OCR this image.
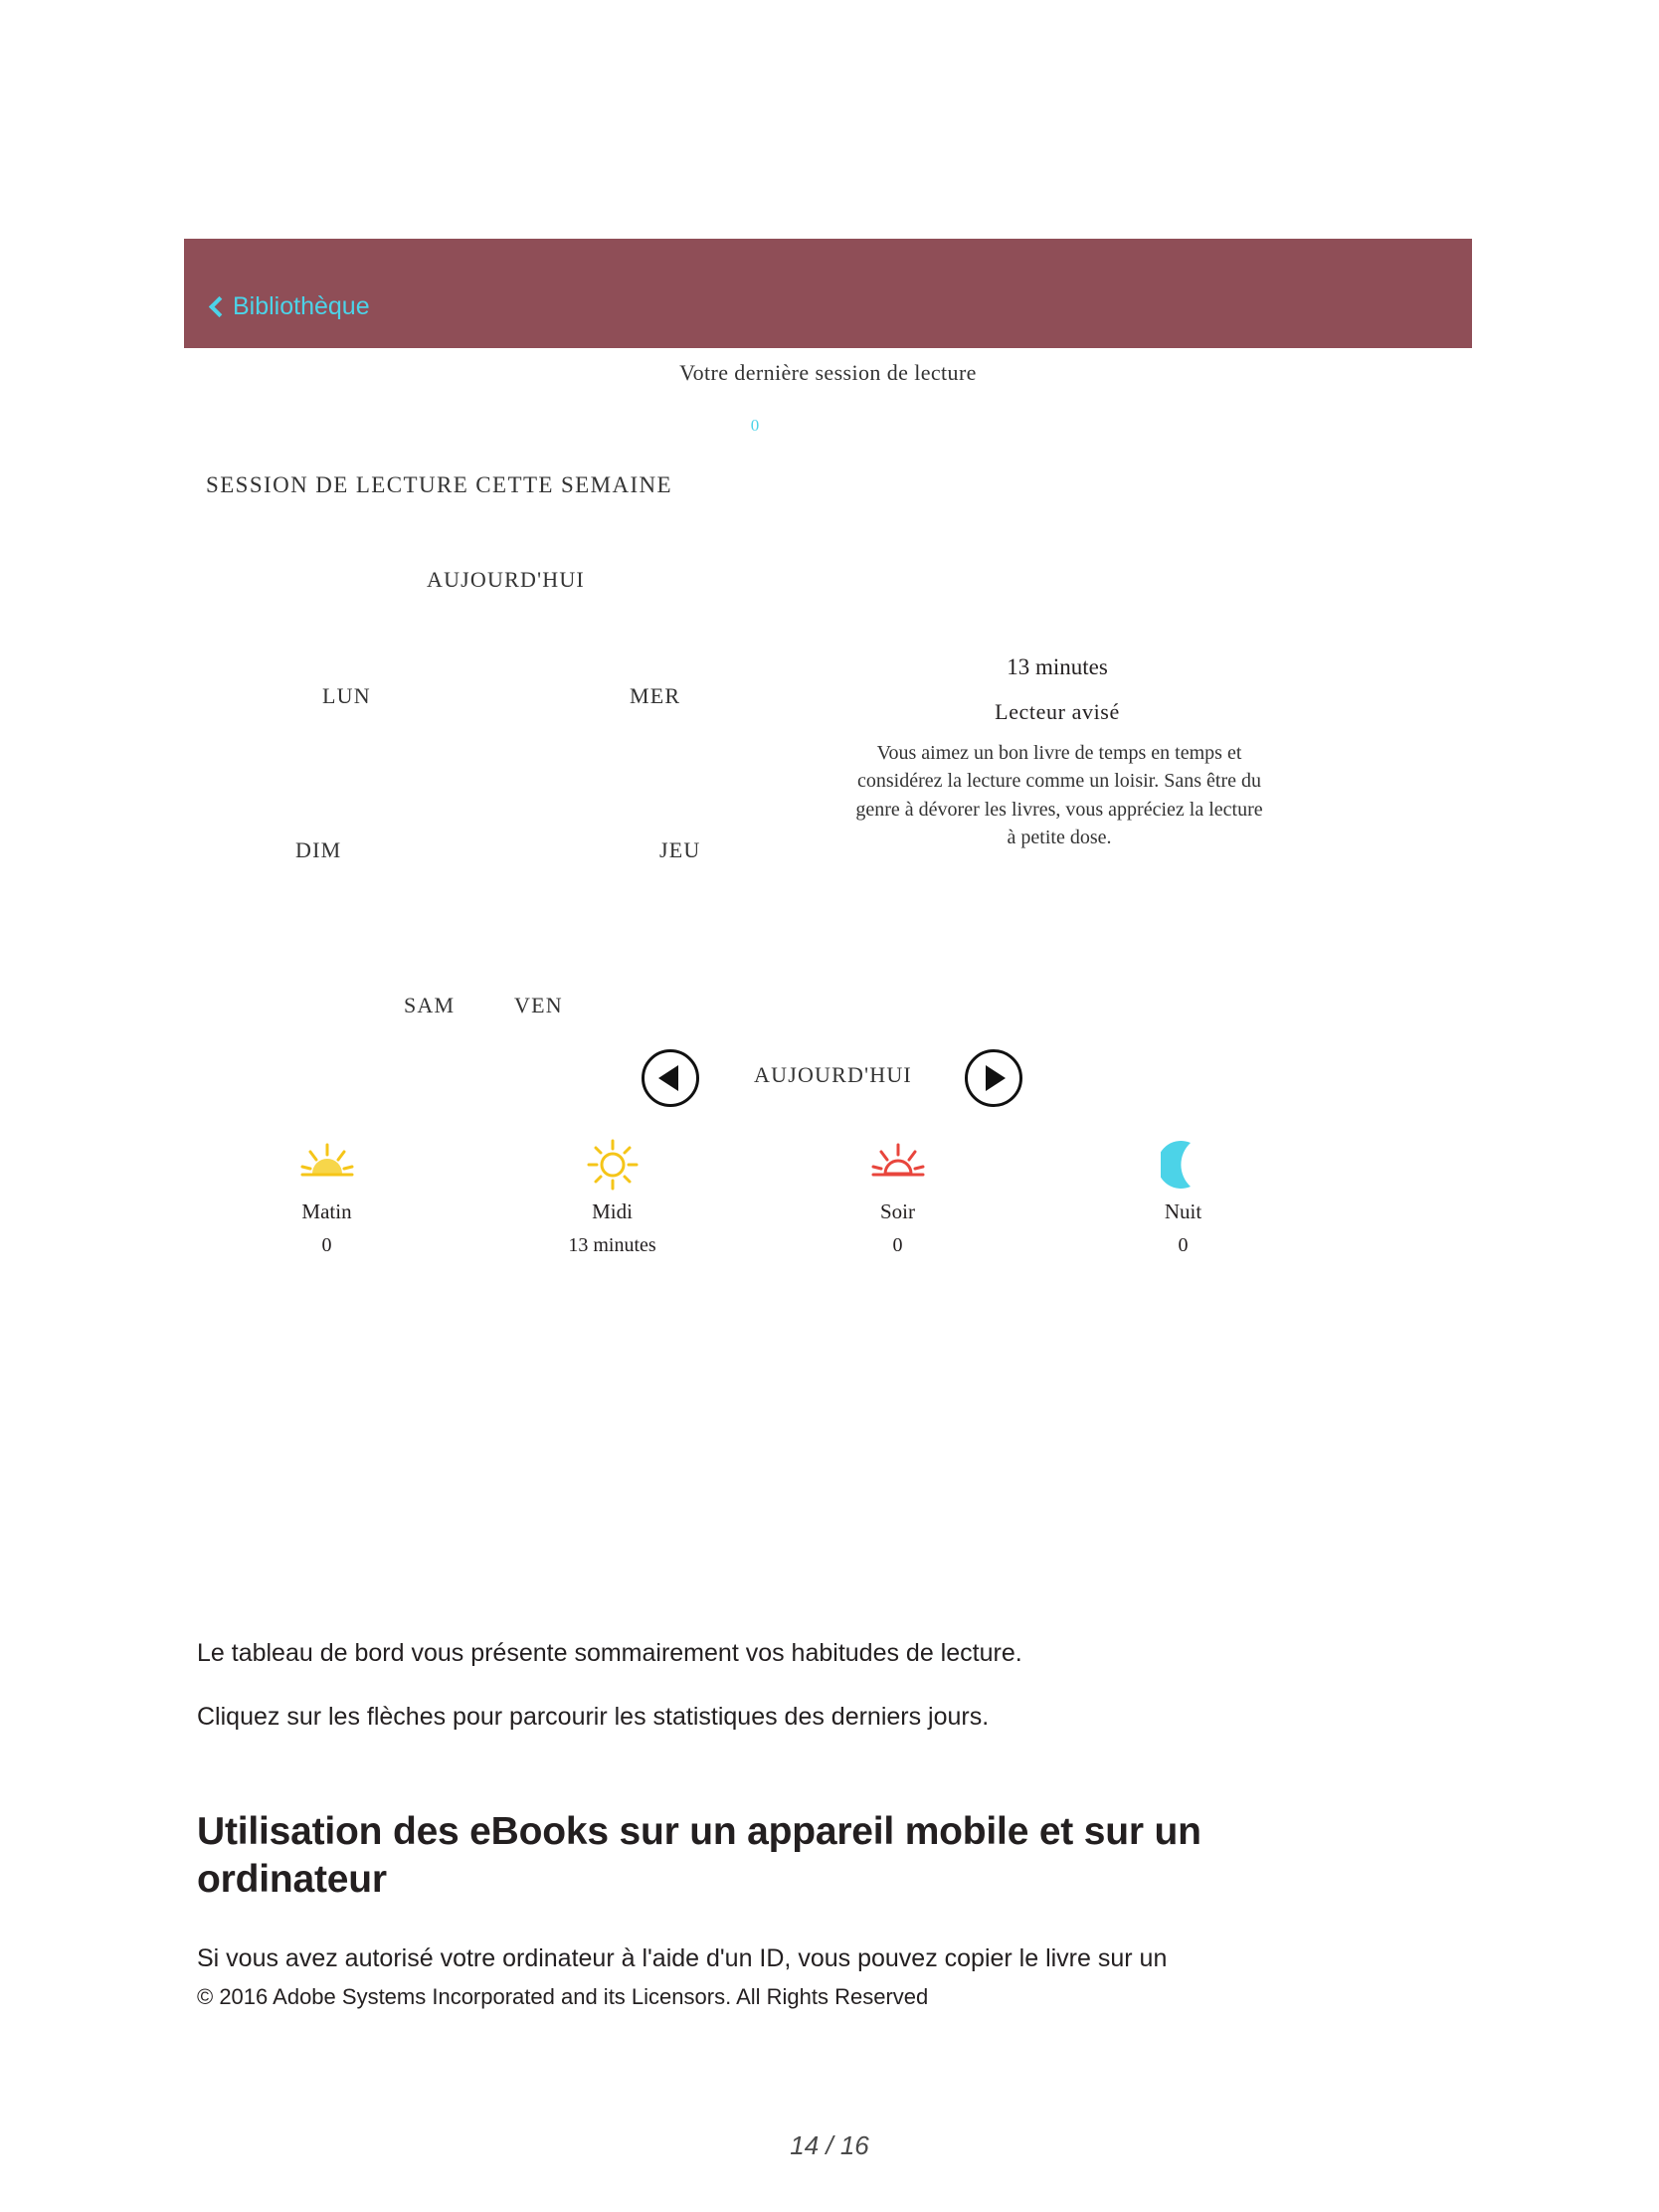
Bibliothèque
Votre dernière session de lecture
0
SESSION DE LECTURE CETTE SEMAINE
AUJOURD'HUI
LUN	MER
DIM	JEU
SAM	VEN
13 minutes
Lecteur avisé
Vous aimez un bon livre de temps en temps et considérez la lecture comme un loisir. Sans être du genre à dévorer les livres, vous appréciez la lecture à petite dose.
AUJOURD'HUI
Matin
0
Midi
13 minutes
Soir
0
Nuit
0
Le tableau de bord vous présente sommairement vos habitudes de lecture.
Cliquez sur les flèches pour parcourir les statistiques des derniers jours.
Utilisation des eBooks sur un appareil mobile et sur un ordinateur
Si vous avez autorisé votre ordinateur à l'aide d'un ID, vous pouvez copier le livre sur un
© 2016 Adobe Systems Incorporated and its Licensors. All Rights Reserved
14 / 16
